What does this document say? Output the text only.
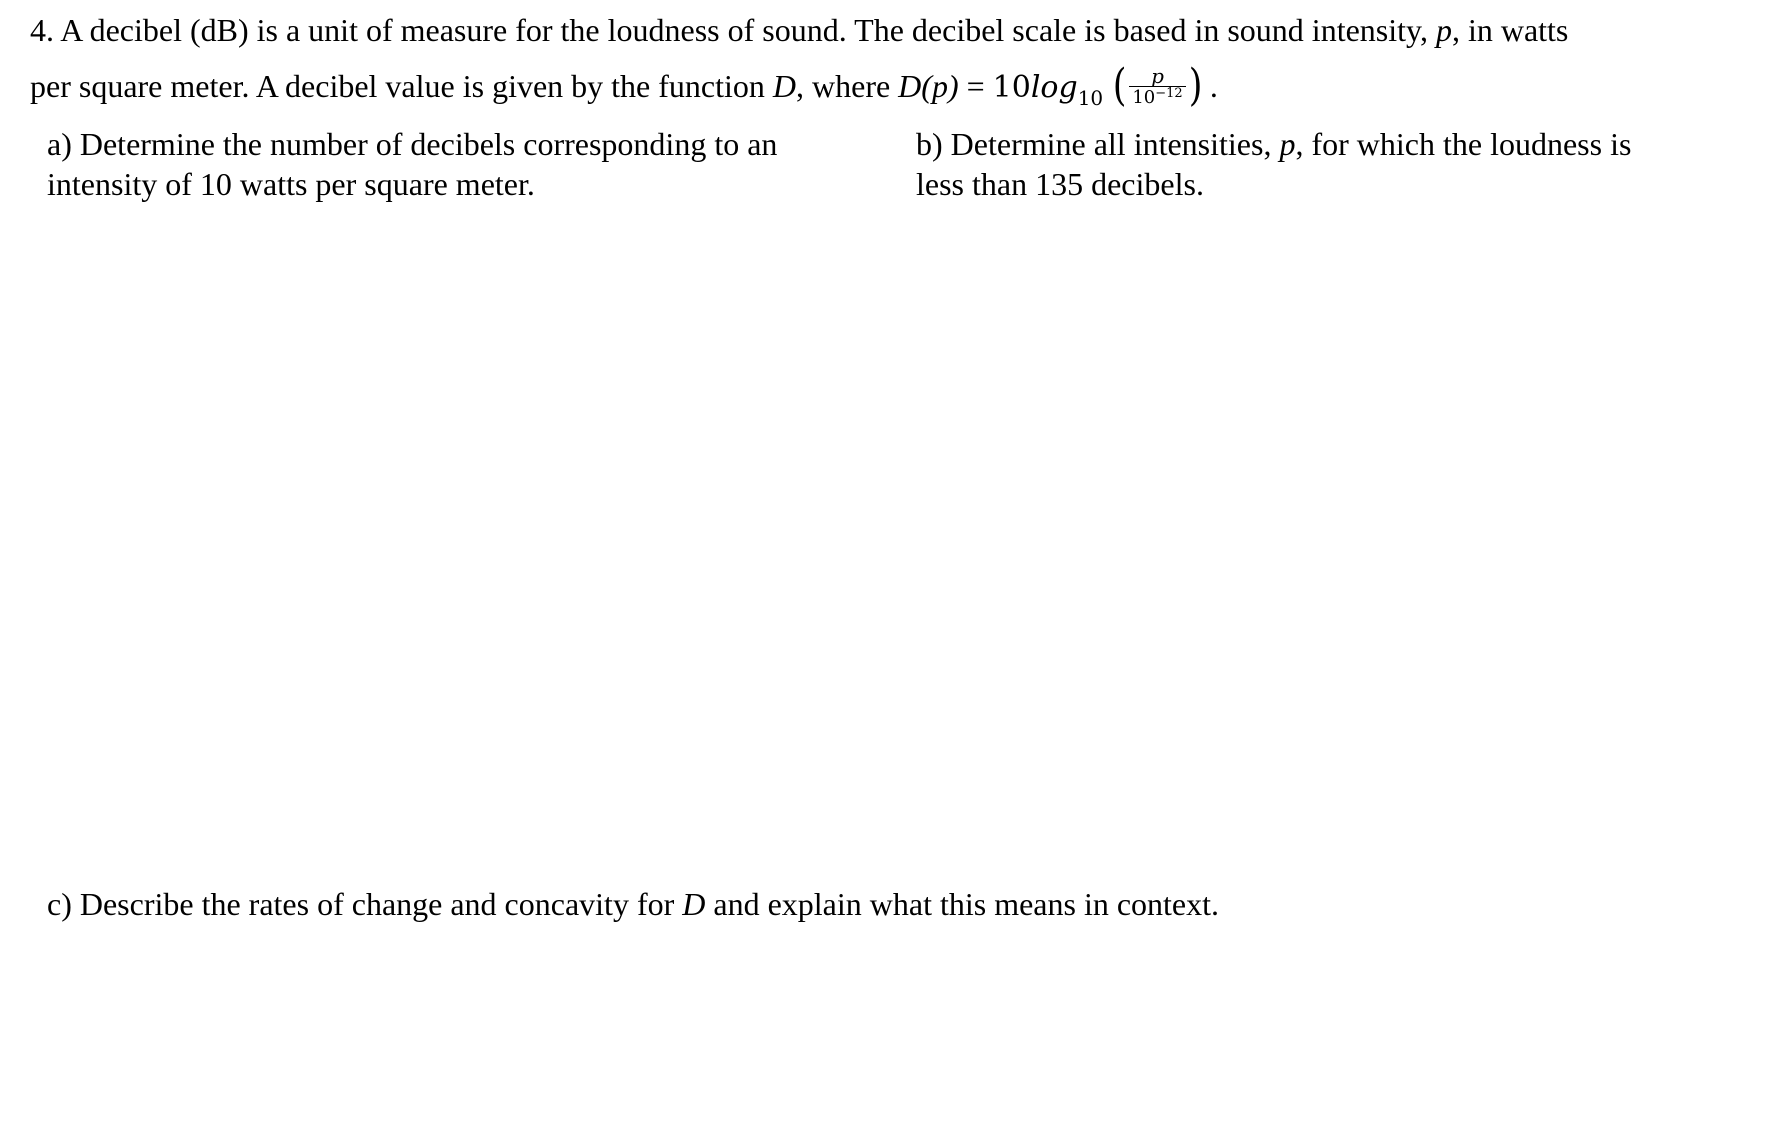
4. A decibel (dB) is a unit of measure for the loudness of sound. The decibel scale is based in sound intensity, p, in watts
per square meter. A decibel value is given by the function D, where $D(p) = 10\log_{10}$ ( $\frac{p}{10^{-12}}$ ) .
a) Determine the number of decibels corresponding to an
intensity of 10 watts per square meter.
b) Determine all intensities, p, for which the loudness is
less than 135 decibels.
c) Describe the rates of change and concavity for D and explain what this means in context.
